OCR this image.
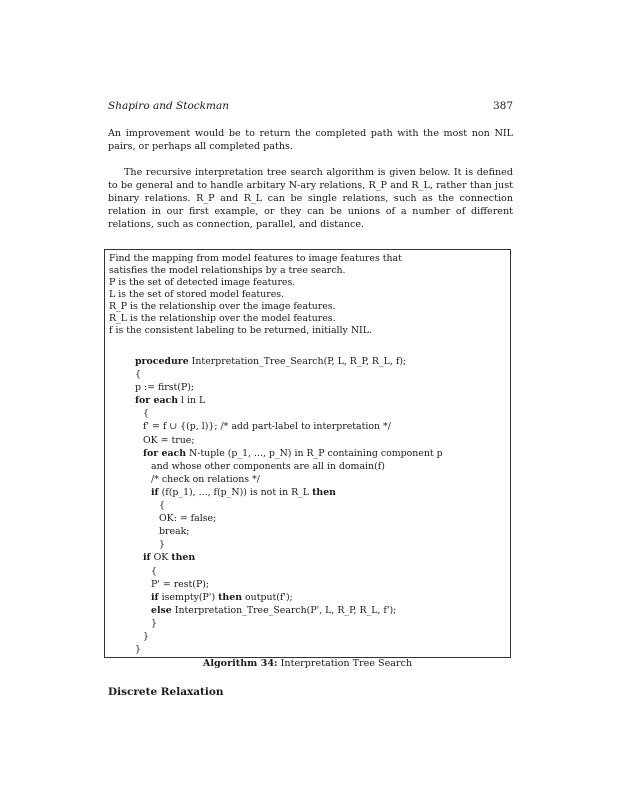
Shapiro and Stockman	387
An improvement would be to return the completed path with the most non NIL pairs, or perhaps all completed paths.
The recursive interpretation tree search algorithm is given below. It is defined to be general and to handle arbitary N-ary relations, R_P and R_L, rather than just binary relations. R_P and R_L can be single relations, such as the connection relation in our first example, or they can be unions of a number of different relations, such as connection, parallel, and distance.
Find the mapping from model features to image features that
satisfies the model relationships by a tree search.
P is the set of detected image features.
L is the set of stored model features.
R_P is the relationship over the image features.
R_L is the relationship over the model features.
f is the consistent labeling to be returned, initially NIL.
procedure Interpretation_Tree_Search(P, L, R_P, R_L, f);
{
p := first(P);
for each l in L
{
f' = f ∪ {(p, l)}; /* add part-label to interpretation */
OK = true;
for each N-tuple (p_1, ..., p_N) in R_P containing component p
and whose other components are all in domain(f)
/* check on relations */
if (f(p_1), ..., f(p_N)) is not in R_L then
{
OK: = false;
break;
}
if OK then
{
P' = rest(P);
if isempty(P') then output(f');
else Interpretation_Tree_Search(P', L, R_P, R_L, f');
}
}
}
Algorithm 34: Interpretation Tree Search
Discrete Relaxation
